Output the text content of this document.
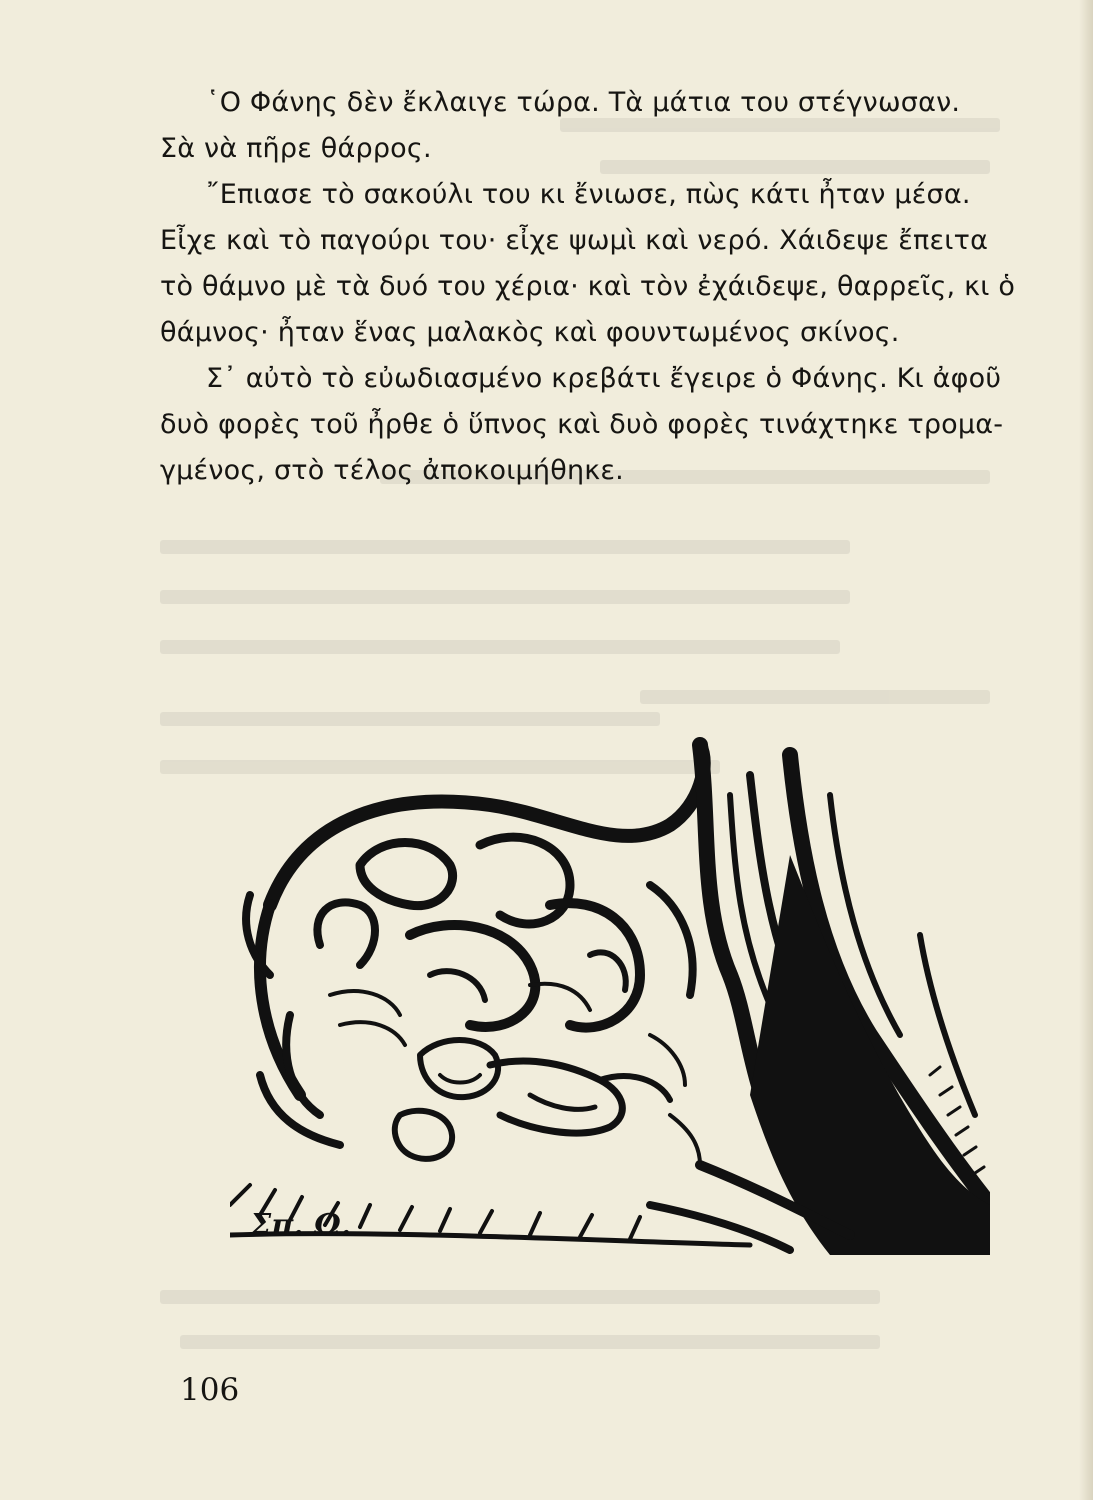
῾Ο Φάνης δὲν ἔκλαιγε τώρα. Τὰ μάτια του στέγνωσαν.
Σὰ νὰ πῆρε θάρρος.
῎Επιασε τὸ σακούλι του κι ἔνιωσε, πὼς κάτι ἦταν μέσα.
Εἶχε καὶ τὸ παγούρι του· εἶχε ψωμὶ καὶ νερό. Χάιδεψε ἔπειτα
τὸ θάμνο μὲ τὰ δυό του χέρια· καὶ τὸν ἐχάιδεψε, θαρρεῖς, κι ὁ
θάμνος· ἦταν ἕνας μαλακὸς καὶ φουντωμένος σκίνος.
Σ᾽ αὐτὸ τὸ εὐωδιασμένο κρεβάτι ἔγειρε ὁ Φάνης. Κι ἀφοῦ
δυὸ φορὲς τοῦ ἦρθε ὁ ὕπνος καὶ δυὸ φορὲς τινάχτηκε τρομα-
γμένος, στὸ τέλος ἀποκοιμήθηκε.
Σπ. Ω.
106
